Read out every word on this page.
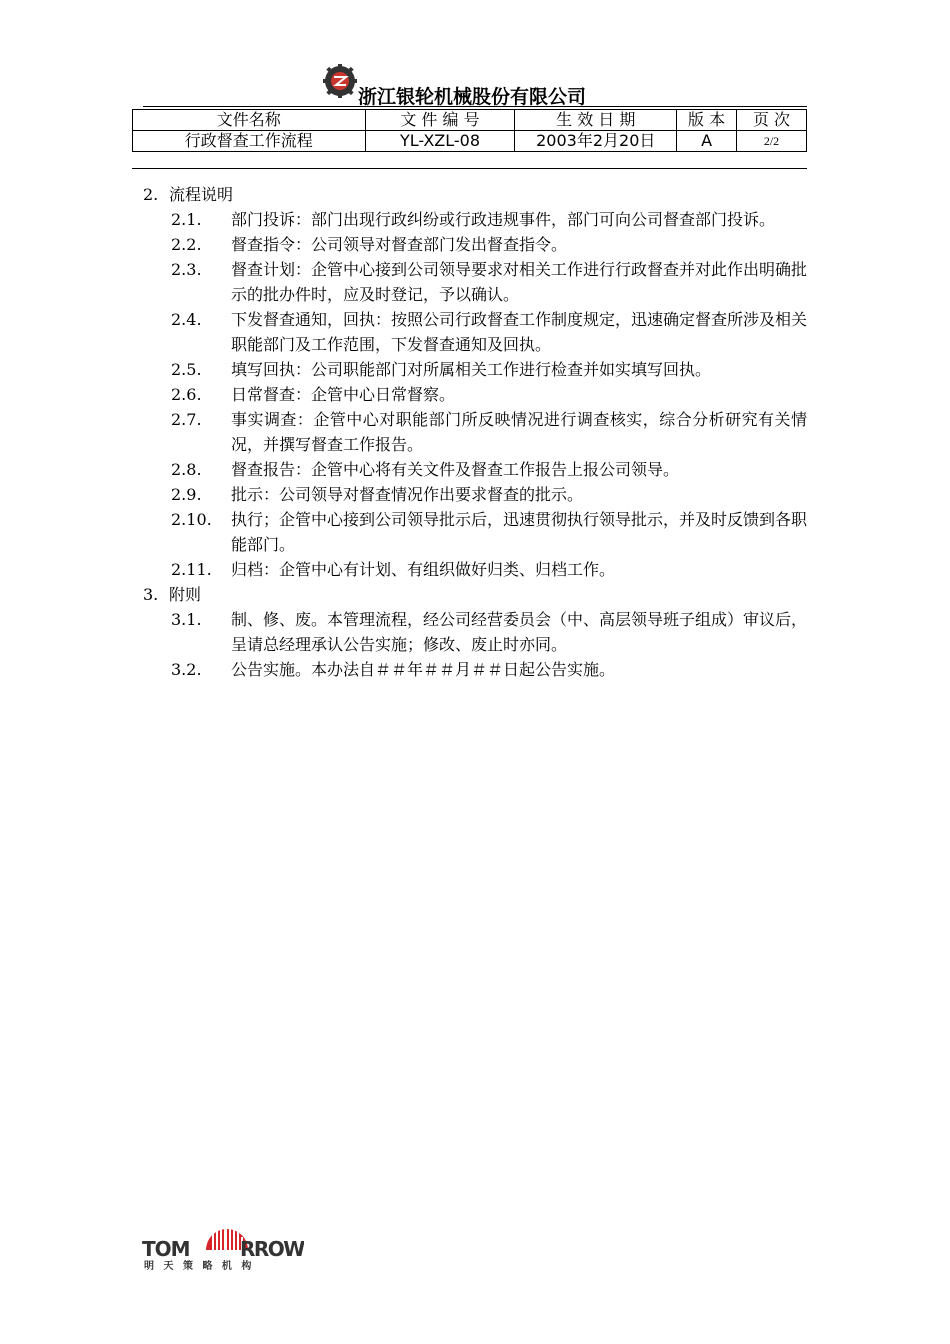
浙江银轮机械股份有限公司
文件名称	文 件 编 号	生 效 日 期	版 本	页 次
行政督查工作流程	YL-XZL-08	2003年2月20日	A	2/2
2. 流程说明
2.1. 部门投诉：部门出现行政纠纷或行政违规事件，部门可向公司督查部门投诉。
2.2. 督查指令：公司领导对督查部门发出督查指令。
2.3. 督查计划：企管中心接到公司领导要求对相关工作进行行政督查并对此作出明确批示的批办件时，应及时登记，予以确认。
2.4. 下发督查通知，回执：按照公司行政督查工作制度规定，迅速确定督查所涉及相关职能部门及工作范围，下发督查通知及回执。
2.5. 填写回执：公司职能部门对所属相关工作进行检查并如实填写回执。
2.6. 日常督查：企管中心日常督察。
2.7. 事实调查：企管中心对职能部门所反映情况进行调查核实，综合分析研究有关情况，并撰写督查工作报告。
2.8. 督查报告：企管中心将有关文件及督查工作报告上报公司领导。
2.9. 批示：公司领导对督查情况作出要求督查的批示。
2.10. 执行；企管中心接到公司领导批示后，迅速贯彻执行领导批示，并及时反馈到各职能部门。
2.11. 归档：企管中心有计划、有组织做好归类、归档工作。
3. 附则
3.1. 制、修、废。本管理流程，经公司经营委员会（中、高层领导班子组成）审议后，呈请总经理承认公告实施；修改、废止时亦同。
3.2. 公告实施。本办法自＃＃年＃＃月＃＃日起公告实施。
TOM	RROW
明 天 策 略 机 构
